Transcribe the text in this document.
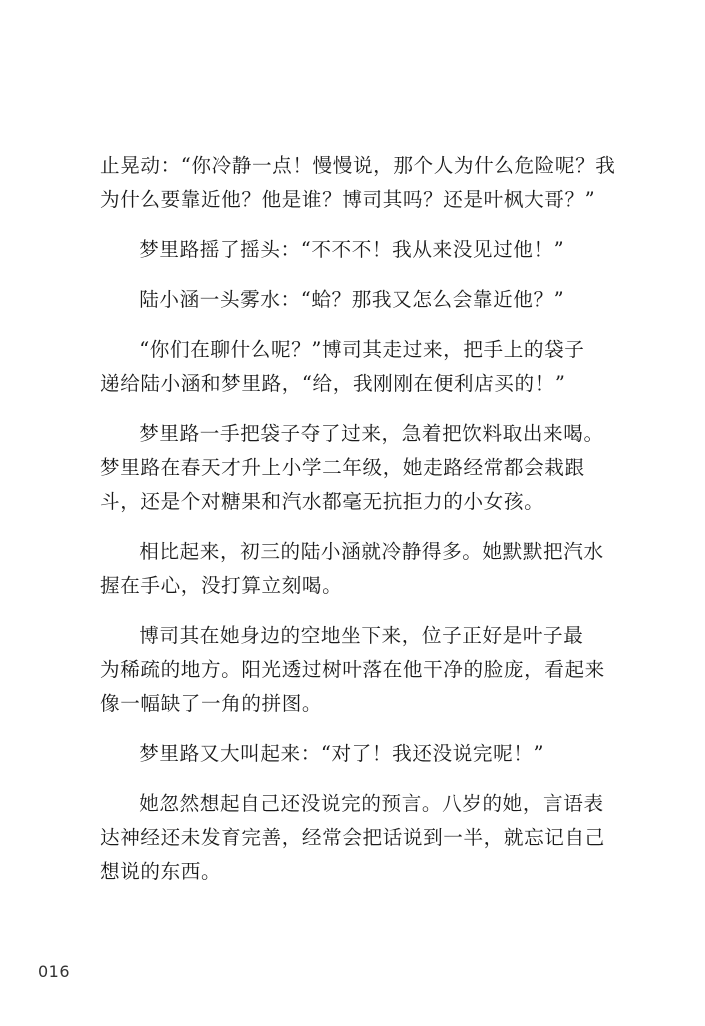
止晃动：“你冷静一点！慢慢说，那个人为什么危险呢？我
为什么要靠近他？他是谁？博司其吗？还是叶枫大哥？”

梦里路摇了摇头：“不不不！我从来没见过他！”

陆小涵一头雾水：“蛤？那我又怎么会靠近他？”

“你们在聊什么呢？”博司其走过来，把手上的袋子
递给陆小涵和梦里路，“给，我刚刚在便利店买的！”

梦里路一手把袋子夺了过来，急着把饮料取出来喝。
梦里路在春天才升上小学二年级，她走路经常都会栽跟
斗，还是个对糖果和汽水都毫无抗拒力的小女孩。

相比起来，初三的陆小涵就冷静得多。她默默把汽水
握在手心，没打算立刻喝。

博司其在她身边的空地坐下来，位子正好是叶子最
为稀疏的地方。阳光透过树叶落在他干净的脸庞，看起来
像一幅缺了一角的拼图。

梦里路又大叫起来：“对了！我还没说完呢！”

她忽然想起自己还没说完的预言。八岁的她，言语表
达神经还未发育完善，经常会把话说到一半，就忘记自己
想说的东西。

016
